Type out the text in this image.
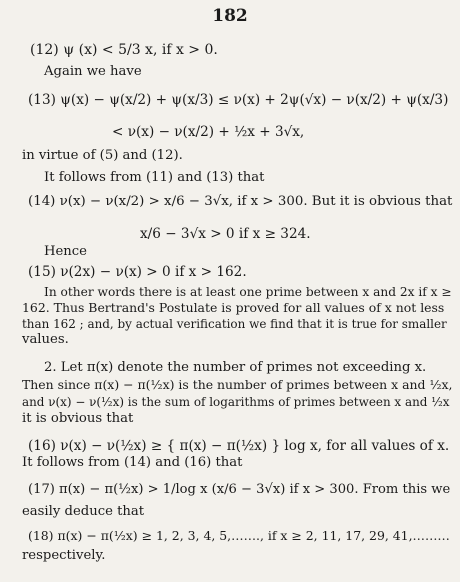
182
(12) ψ (x) < 5/3 x, if x > 0.
Again we have
(13) ψ(x) − ψ(x/2) + ψ(x/3) ≤ ν(x) + 2ψ(√x) − ν(x/2) + ψ(x/3)
< ν(x) − ν(x/2) + ½x + 3√x,
in virtue of (5) and (12).
It follows from (11) and (13) that
(14) ν(x) − ν(x/2) > x/6 − 3√x, if x > 300. But it is obvious that
x/6 − 3√x > 0 if x ≥ 324.
Hence
(15) ν(2x) − ν(x) > 0 if x > 162.
In other words there is at least one prime between x and 2x if x ≥
162. Thus Bertrand's Postulate is proved for all values of x not less
than 162 ; and, by actual verification we find that it is true for smaller
values.
2. Let π(x) denote the number of primes not exceeding x.
Then since π(x) − π(½x) is the number of primes between x and ½x,
and ν(x) − ν(½x) is the sum of logarithms of primes between x and ½x
it is obvious that
(16) ν(x) − ν(½x) ≥ { π(x) − π(½x) } log x, for all values of x.
It follows from (14) and (16) that
(17) π(x) − π(½x) > 1/log x (x/6 − 3√x) if x > 300. From this we
easily deduce that
(18) π(x) − π(½x) ≥ 1, 2, 3, 4, 5,……., if x ≥ 2, 11, 17, 29, 41,………
respectively.
